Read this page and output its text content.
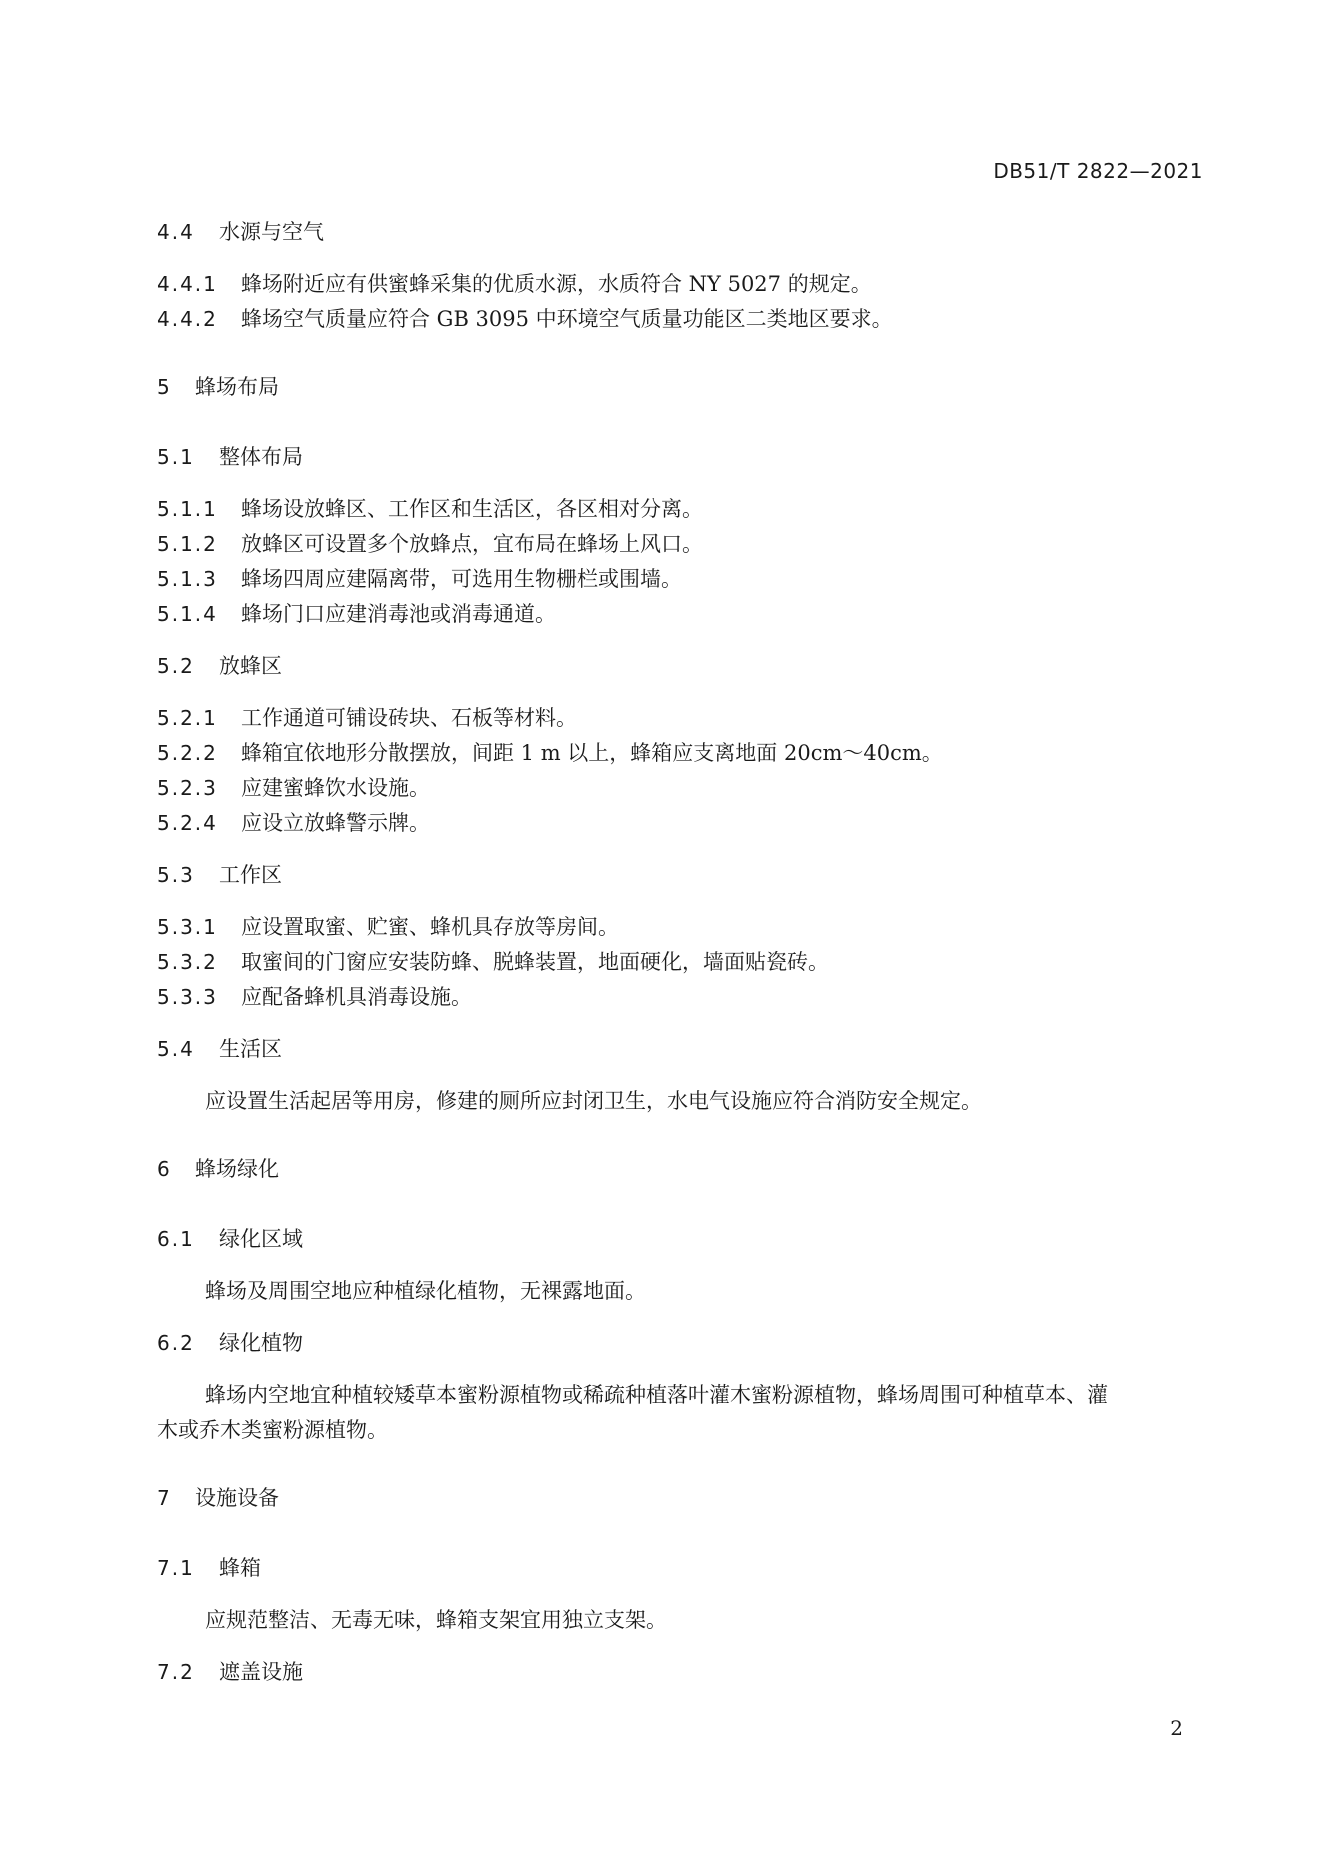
DB51/T 2822—2021
4.4 水源与空气
4.4.1 蜂场附近应有供蜜蜂采集的优质水源，水质符合 NY 5027 的规定。
4.4.2 蜂场空气质量应符合 GB 3095 中环境空气质量功能区二类地区要求。
5 蜂场布局
5.1 整体布局
5.1.1 蜂场设放蜂区、工作区和生活区，各区相对分离。
5.1.2 放蜂区可设置多个放蜂点，宜布局在蜂场上风口。
5.1.3 蜂场四周应建隔离带，可选用生物栅栏或围墙。
5.1.4 蜂场门口应建消毒池或消毒通道。
5.2 放蜂区
5.2.1 工作通道可铺设砖块、石板等材料。
5.2.2 蜂箱宜依地形分散摆放，间距 1 m 以上，蜂箱应支离地面 20cm～40cm。
5.2.3 应建蜜蜂饮水设施。
5.2.4 应设立放蜂警示牌。
5.3 工作区
5.3.1 应设置取蜜、贮蜜、蜂机具存放等房间。
5.3.2 取蜜间的门窗应安装防蜂、脱蜂装置，地面硬化，墙面贴瓷砖。
5.3.3 应配备蜂机具消毒设施。
5.4 生活区
应设置生活起居等用房，修建的厕所应封闭卫生，水电气设施应符合消防安全规定。
6 蜂场绿化
6.1 绿化区域
蜂场及周围空地应种植绿化植物，无裸露地面。
6.2 绿化植物
蜂场内空地宜种植较矮草本蜜粉源植物或稀疏种植落叶灌木蜜粉源植物，蜂场周围可种植草本、灌
木或乔木类蜜粉源植物。
7 设施设备
7.1 蜂箱
应规范整洁、无毒无味，蜂箱支架宜用独立支架。
7.2 遮盖设施
2
